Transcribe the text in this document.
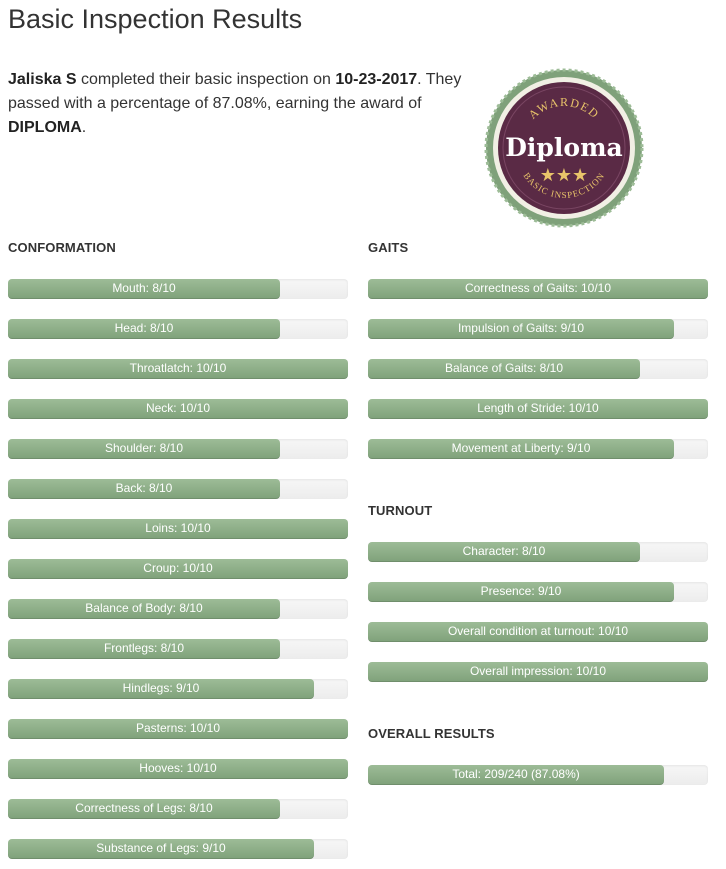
Basic Inspection Results

Jaliska S completed their basic inspection on 10-23-2017. They passed with a percentage of 87.08%, earning the award of DIPLOMA.

AWARDED
Diploma
★★★
BASIC INSPECTION
CONFORMATION
Mouth: 8/10
Head: 8/10
Throatlatch: 10/10
Neck: 10/10
Shoulder: 8/10
Back: 8/10
Loins: 10/10
Croup: 10/10
Balance of Body: 8/10
Frontlegs: 8/10
Hindlegs: 9/10
Pasterns: 10/10
Hooves: 10/10
Correctness of Legs: 8/10
Substance of Legs: 9/10
GAITS
Correctness of Gaits: 10/10
Impulsion of Gaits: 9/10
Balance of Gaits: 8/10
Length of Stride: 10/10
Movement at Liberty: 9/10
TURNOUT
Character: 8/10
Presence: 9/10
Overall condition at turnout: 10/10
Overall impression: 10/10
OVERALL RESULTS
Total: 209/240 (87.08%)
